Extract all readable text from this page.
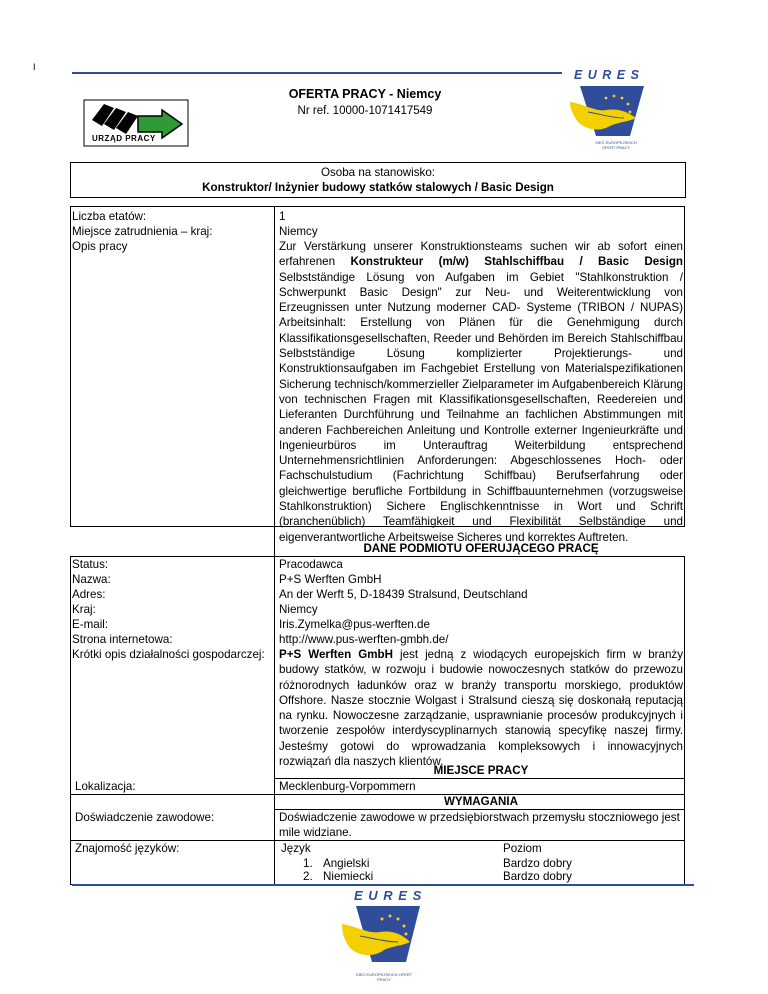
I
URZĄD PRACY
OFERTA PRACY - Niemcy
Nr ref. 10000-1071417549
E U R E S
SIEĆ EUROPEJSKICH OFERT PRACY
Osoba na stanowisko:
Konstruktor/ Inżynier budowy statków stalowych / Basic Design
Liczba etatów:	1
Miejsce zatrudnienia – kraj:	Niemcy
Opis pracy	Zur Verstärkung unserer Konstruktionsteams suchen wir ab sofort einen erfahrenen Konstrukteur (m/w) Stahlschiffbau / Basic Design Selbstständige Lösung von Aufgaben im Gebiet "Stahlkonstruktion / Schwerpunkt Basic Design" zur Neu- und Weiterentwicklung von Erzeugnissen unter Nutzung moderner CAD- Systeme (TRIBON / NUPAS) Arbeitsinhalt: Erstellung von Plänen für die Genehmigung durch Klassifikationsgesellschaften, Reeder und Behörden im Bereich Stahlschiffbau Selbstständige Lösung komplizierter Projektierungs- und Konstruktionsaufgaben im Fachgebiet Erstellung von Materialspezifikationen Sicherung technisch/kommerzieller Zielparameter im Aufgabenbereich Klärung von technischen Fragen mit Klassifikationsgesellschaften, Reedereien und Lieferanten Durchführung und Teilnahme an fachlichen Abstimmungen mit anderen Fachbereichen Anleitung und Kontrolle externer Ingenieurkräfte und Ingenieurbüros im Unterauftrag Weiterbildung entsprechend Unternehmensrichtlinien Anforderungen: Abgeschlossenes Hoch- oder Fachschulstudium (Fachrichtung Schiffbau) Berufserfahrung oder gleichwertige berufliche Fortbildung in Schiffbauunternehmen (vorzugsweise Stahlkonstruktion) Sichere Englischkenntnisse in Wort und Schrift (branchenüblich) Teamfähigkeit und Flexibilität Selbständige und eigenverantwortliche Arbeitsweise Sicheres und korrektes Auftreten.
DANE PODMIOTU OFERUJĄCEGO PRACĘ
Status:	Pracodawca
Nazwa:	P+S Werften GmbH
Adres:	An der Werft 5, D-18439 Stralsund, Deutschland
Kraj:	Niemcy
E-mail:	Iris.Zymelka@pus-werften.de
Strona internetowa:	http://www.pus-werften-gmbh.de/
Krótki opis działalności gospodarczej: P+S Werften GmbH jest jedną z wiodących europejskich firm w branży budowy statków, w rozwoju i budowie nowoczesnych statków do przewozu różnorodnych ładunków oraz w branży transportu morskiego, produktów Offshore. Nasze stocznie Wolgast i Stralsund cieszą się doskonałą reputacją na rynku. Nowoczesne zarządzanie, usprawnianie procesów produkcyjnych i tworzenie zespołów interdyscyplinarnych stanowią specyfikę naszej firmy. Jesteśmy gotowi do wprowadzania kompleksowych i innowacyjnych rozwiązań dla naszych klientów.
MIEJSCE PRACY
Lokalizacja:	Mecklenburg-Vorpommern
WYMAGANIA
Doświadczenie zawodowe:	Doświadczenie zawodowe w przedsiębiorstwach przemysłu stoczniowego jest mile widziane.
Znajomość języków:	Język	Poziom
1. Angielski	Bardzo dobry
2. Niemiecki	Bardzo dobry
E U R E S
SIEĆ EUROPEJSKICH OFERT PRACY
